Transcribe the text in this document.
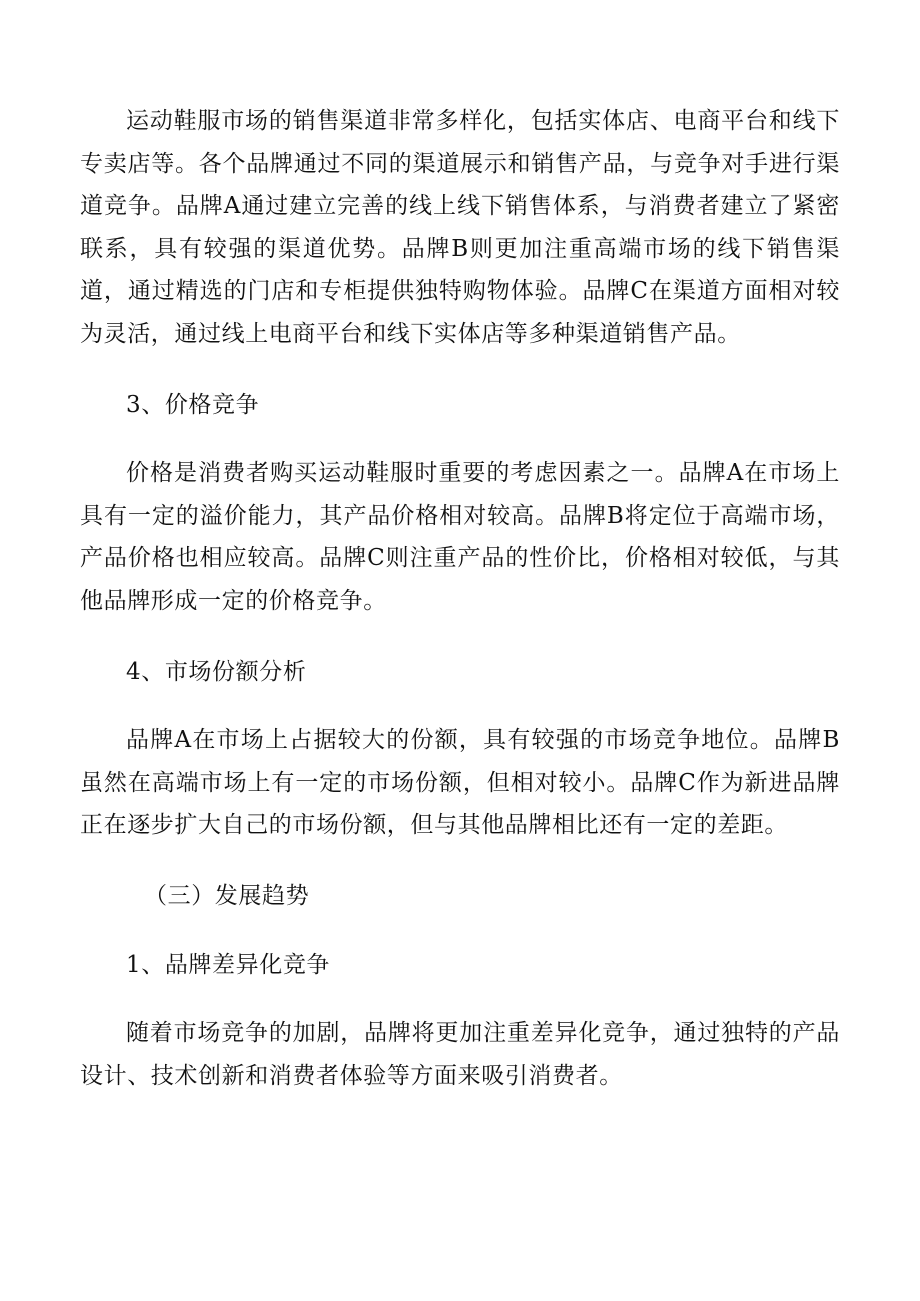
运动鞋服市场的销售渠道非常多样化，包括实体店、电商平台和线下专卖店等。各个品牌通过不同的渠道展示和销售产品，与竞争对手进行渠道竞争。品牌A通过建立完善的线上线下销售体系，与消费者建立了紧密联系，具有较强的渠道优势。品牌B则更加注重高端市场的线下销售渠道，通过精选的门店和专柜提供独特购物体验。品牌C在渠道方面相对较为灵活，通过线上电商平台和线下实体店等多种渠道销售产品。

3、价格竞争

价格是消费者购买运动鞋服时重要的考虑因素之一。品牌A在市场上具有一定的溢价能力，其产品价格相对较高。品牌B将定位于高端市场，产品价格也相应较高。品牌C则注重产品的性价比，价格相对较低，与其他品牌形成一定的价格竞争。

4、市场份额分析

品牌A在市场上占据较大的份额，具有较强的市场竞争地位。品牌B虽然在高端市场上有一定的市场份额，但相对较小。品牌C作为新进品牌正在逐步扩大自己的市场份额，但与其他品牌相比还有一定的差距。

（三）发展趋势

1、品牌差异化竞争

随着市场竞争的加剧，品牌将更加注重差异化竞争，通过独特的产品设计、技术创新和消费者体验等方面来吸引消费者。
